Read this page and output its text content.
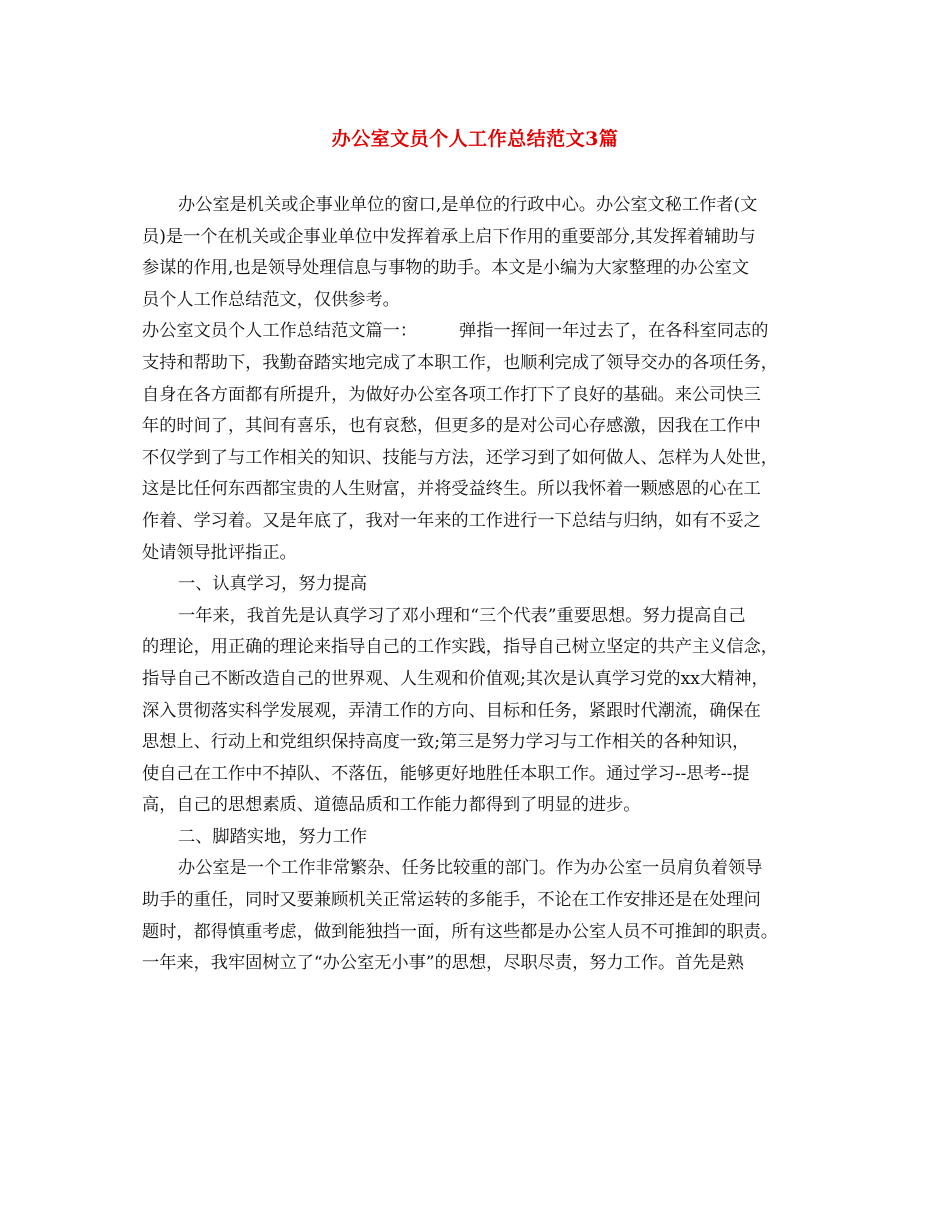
办公室文员个人工作总结范文3篇
办公室是机关或企事业单位的窗口,是单位的行政中心。办公室文秘工作者(文
员)是一个在机关或企事业单位中发挥着承上启下作用的重要部分,其发挥着辅助与
参谋的作用,也是领导处理信息与事物的助手。本文是小编为大家整理的办公室文
员个人工作总结范文，仅供参考。
办公室文员个人工作总结范文篇一： 弹指一挥间一年过去了，在各科室同志的
支持和帮助下，我勤奋踏实地完成了本职工作，也顺利完成了领导交办的各项任务，
自身在各方面都有所提升，为做好办公室各项工作打下了良好的基础。来公司快三
年的时间了，其间有喜乐，也有哀愁，但更多的是对公司心存感激，因我在工作中
不仅学到了与工作相关的知识、技能与方法，还学习到了如何做人、怎样为人处世，
这是比任何东西都宝贵的人生财富，并将受益终生。所以我怀着一颗感恩的心在工
作着、学习着。又是年底了，我对一年来的工作进行一下总结与归纳，如有不妥之
处请领导批评指正。
一、认真学习，努力提高
一年来，我首先是认真学习了邓小理和“三个代表”重要思想。努力提高自己
的理论，用正确的理论来指导自己的工作实践，指导自己树立坚定的共产主义信念，
指导自己不断改造自己的世界观、人生观和价值观;其次是认真学习党的xx大精神，
深入贯彻落实科学发展观，弄清工作的方向、目标和任务，紧跟时代潮流，确保在
思想上、行动上和党组织保持高度一致;第三是努力学习与工作相关的各种知识，
使自己在工作中不掉队、不落伍，能够更好地胜任本职工作。通过学习--思考--提
高，自己的思想素质、道德品质和工作能力都得到了明显的进步。
二、脚踏实地，努力工作
办公室是一个工作非常繁杂、任务比较重的部门。作为办公室一员肩负着领导
助手的重任，同时又要兼顾机关正常运转的多能手，不论在工作安排还是在处理问
题时，都得慎重考虑，做到能独挡一面，所有这些都是办公室人员不可推卸的职责。
一年来，我牢固树立了“办公室无小事”的思想，尽职尽责，努力工作。首先是熟
